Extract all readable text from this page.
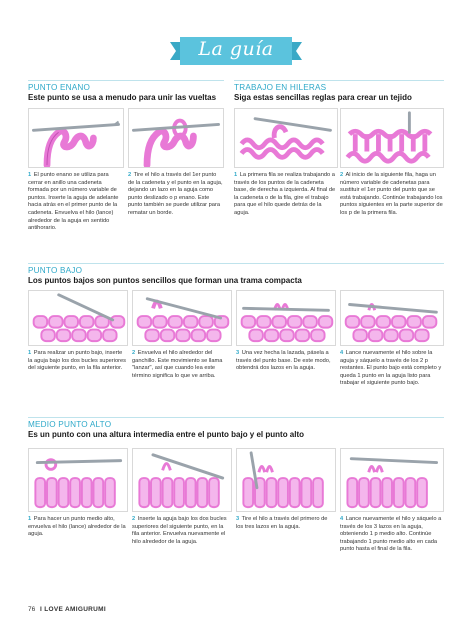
La guía
PUNTO ENANO
Este punto se usa a menudo para unir las vueltas
1 El punto enano se utiliza para cerrar en anillo una cadeneta formada por un número variable de puntos. Inserte la aguja de adelante hacia atrás en el primer punto de la cadeneta. Envuelva el hilo (lance) alrededor de la aguja en sentido antihorario.
2 Tire el hilo a través del 1er punto de la cadeneta y el punto en la aguja, dejando un lazo en la aguja como punto deslizado o p enano. Este punto también se puede utilizar para rematar un borde.
TRABAJO EN HILERAS
Siga estas sencillas reglas para crear un tejido
1 La primera fila se realiza trabajando a través de los puntos de la cadeneta base, de derecha a izquierda. Al final de la cadeneta o de la fila, gire el trabajo para que el hilo quede detrás de la aguja.
2 Al inicio de la siguiente fila, haga un número variable de cadenetas para sustituir el 1er punto del punto que se está trabajando. Continúe trabajando los puntos siguientes en la parte superior de los p de la primera fila.
PUNTO BAJO
Los puntos bajos son puntos sencillos que forman una trama compacta
1 Para realizar un punto bajo, inserte la aguja bajo los dos bucles superiores del siguiente punto, en la fila anterior.
2 Envuelva el hilo alrededor del ganchillo. Este movimiento se llama "lanzar", así que cuando lea este término significa lo que ve arriba.
3 Una vez hecha la lazada, pásela a través del punto base. De este modo, obtendrá dos lazos en la aguja.
4 Lance nuevamente el hilo sobre la aguja y sáquelo a través de los 2 p restantes. El punto bajo está completo y queda 1 punto en la aguja listo para trabajar el siguiente punto bajo.
MEDIO PUNTO ALTO
Es un punto con una altura intermedia entre el punto bajo y el punto alto
1 Para hacer un punto medio alto, envuelva el hilo (lance) alrededor de la aguja.
2 Inserte la aguja bajo los dos bucles superiores del siguiente punto, en la fila anterior. Envuelva nuevamente el hilo alrededor de la aguja.
3 Tire el hilo a través del primero de los tres lazos en la aguja.
4 Lance nuevamente el hilo y sáquelo a través de los 3 lazos en la aguja, obteniendo 1 p medio alto. Continúe trabajando 1 punto medio alto en cada punto hasta el final de la fila.
76 I LOVE AMIGURUMI
